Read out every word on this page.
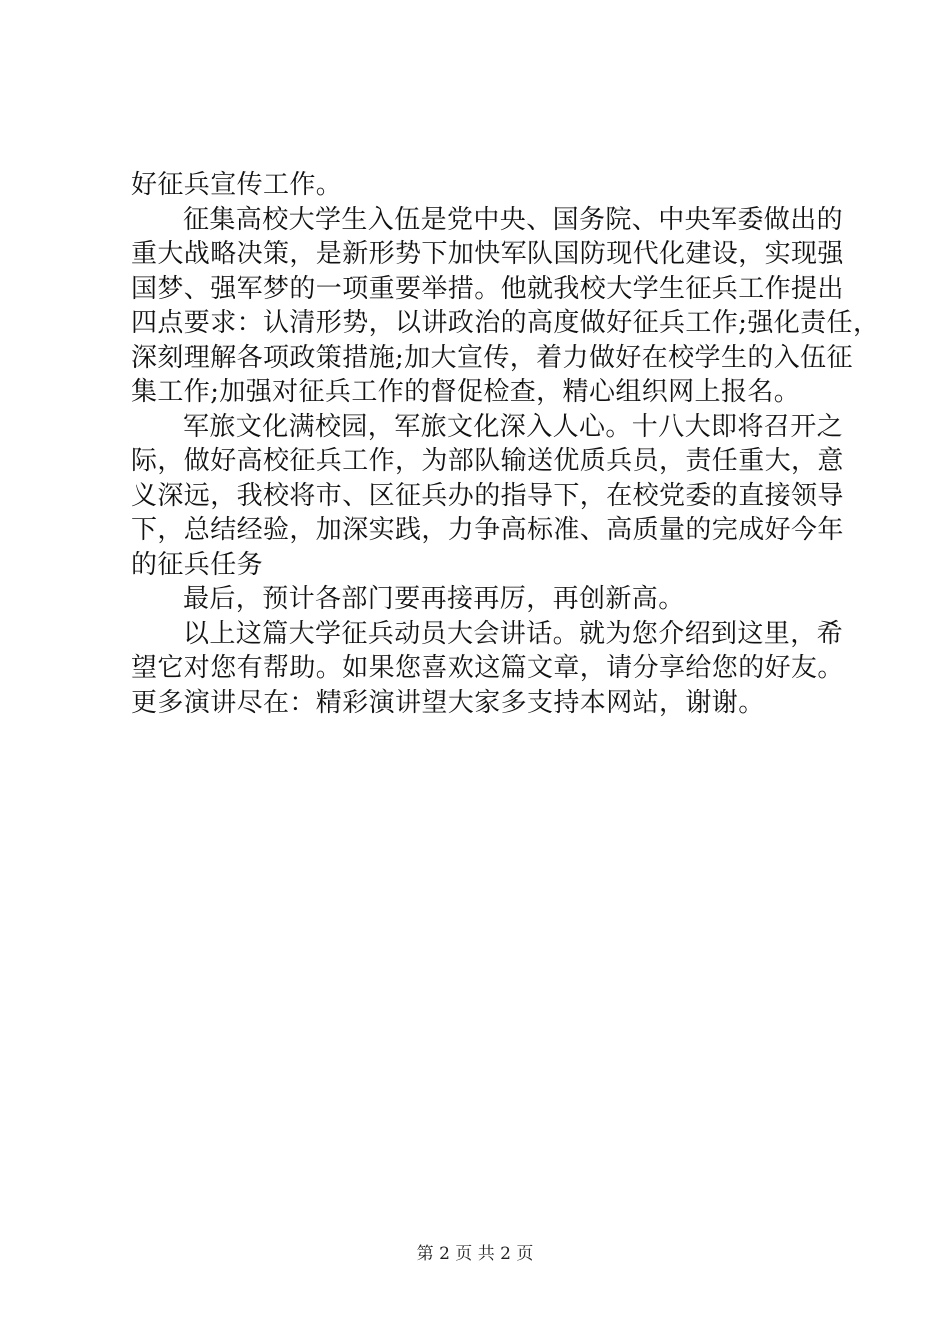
好征兵宣传工作。
征集高校大学生入伍是党中央、国务院、中央军委做出的
重大战略决策，是新形势下加快军队国防现代化建设，实现强
国梦、强军梦的一项重要举措。他就我校大学生征兵工作提出
四点要求：认清形势，以讲政治的高度做好征兵工作;强化责任，
深刻理解各项政策措施;加大宣传，着力做好在校学生的入伍征
集工作;加强对征兵工作的督促检查，精心组织网上报名。
军旅文化满校园，军旅文化深入人心。十八大即将召开之
际，做好高校征兵工作，为部队输送优质兵员，责任重大，意
义深远，我校将市、区征兵办的指导下，在校党委的直接领导
下，总结经验，加深实践，力争高标准、高质量的完成好今年
的征兵任务
最后，预计各部门要再接再厉，再创新高。
以上这篇大学征兵动员大会讲话。就为您介绍到这里，希
望它对您有帮助。如果您喜欢这篇文章，请分享给您的好友。
更多演讲尽在：精彩演讲望大家多支持本网站，谢谢。
第 2 页 共 2 页
